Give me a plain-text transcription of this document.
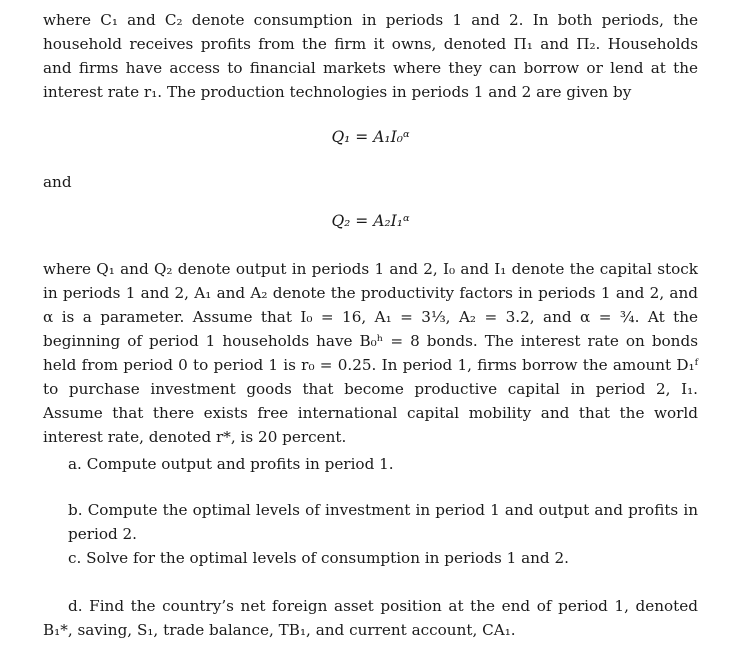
where C₁ and C₂ denote consumption in periods 1 and 2. In both periods, the household receives profits from the firm it owns, denoted Π₁ and Π₂. Households and firms have access to financial markets where they can borrow or lend at the interest rate r₁. The production technologies in periods 1 and 2 are given by

Q₁ = A₁I₀ᵅ

and

Q₂ = A₂I₁ᵅ

where Q₁ and Q₂ denote output in periods 1 and 2, I₀ and I₁ denote the capital stock in periods 1 and 2, A₁ and A₂ denote the productivity factors in periods 1 and 2, and α is a parameter. Assume that I₀ = 16, A₁ = 3⅓, A₂ = 3.2, and α = ¾. At the beginning of period 1 households have B₀ʰ = 8 bonds. The interest rate on bonds held from period 0 to period 1 is r₀ = 0.25. In period 1, firms borrow the amount D₁ᶠ to purchase investment goods that become productive capital in period 2, I₁. Assume that there exists free international capital mobility and that the world interest rate, denoted r*, is 20 percent.

a. Compute output and profits in period 1.

b. Compute the optimal levels of investment in period 1 and output and profits in period 2.

c. Solve for the optimal levels of consumption in periods 1 and 2.

d. Find the country’s net foreign asset position at the end of period 1, denoted B₁*, saving, S₁, trade balance, TB₁, and current account, CA₁.
